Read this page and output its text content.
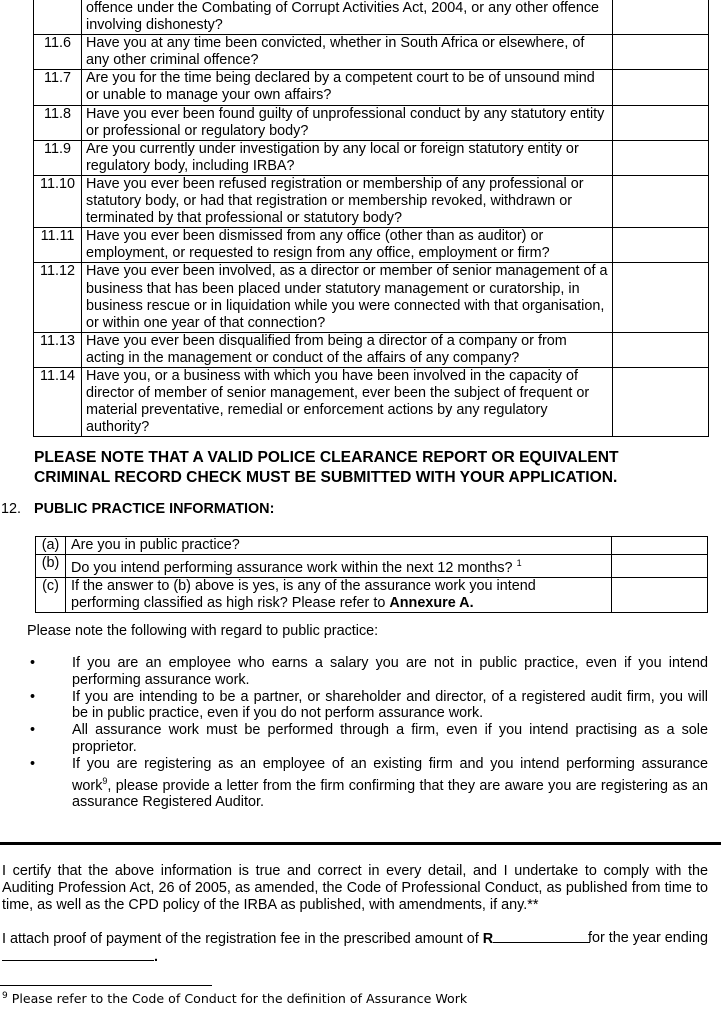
	offence under the Combating of Corrupt Activities Act, 2004, or any other offence involving dishonesty?	
11.6	Have you at any time been convicted, whether in South Africa or elsewhere, of any other criminal offence?	
11.7	Are you for the time being declared by a competent court to be of unsound mind or unable to manage your own affairs?	
11.8	Have you ever been found guilty of unprofessional conduct by any statutory entity or professional or regulatory body?	
11.9	Are you currently under investigation by any local or foreign statutory entity or regulatory body, including IRBA?	
11.10	Have you ever been refused registration or membership of any professional or statutory body, or had that registration or membership revoked, withdrawn or terminated by that professional or statutory body?	
11.11	Have you ever been dismissed from any office (other than as auditor) or employment, or requested to resign from any office, employment or firm?	
11.12	Have you ever been involved, as a director or member of senior management of a business that has been placed under statutory management or curatorship, in business rescue or in liquidation while you were connected with that organisation, or within one year of that connection?	
11.13	Have you ever been disqualified from being a director of a company or from acting in the management or conduct of the affairs of any company?	
11.14	Have you, or a business with which you have been involved in the capacity of director of member of senior management, ever been the subject of frequent or material preventative, remedial or enforcement actions by any regulatory authority?	
PLEASE NOTE THAT A VALID POLICE CLEARANCE REPORT OR EQUIVALENT
CRIMINAL RECORD CHECK MUST BE SUBMITTED WITH YOUR APPLICATION.
12. PUBLIC PRACTICE INFORMATION:
(a)	Are you in public practice?	
(b)	Do you intend performing assurance work within the next 12 months? $^1$	
(c)	If the answer to (b) above is yes, is any of the assurance work you intend performing classified as high risk? Please refer to Annexure A.	
Please note the following with regard to public practice:
•	If you are an employee who earns a salary you are not in public practice, even if you intend performing assurance work.
•	If you are intending to be a partner, or shareholder and director, of a registered audit firm, you will be in public practice, even if you do not perform assurance work.
•	All assurance work must be performed through a firm, even if you intend practising as a sole proprietor.
•	If you are registering as an employee of an existing firm and you intend performing assurance work$^9$, please provide a letter from the firm confirming that they are aware you are registering as an assurance Registered Auditor.
I certify that the above information is true and correct in every detail, and I undertake to comply with the Auditing Profession Act, 26 of 2005, as amended, the Code of Professional Conduct, as published from time to time, as well as the CPD policy of the IRBA as published, with amendments, if any.**
I attach proof of payment of the registration fee in the prescribed amount of R	for the year ending
.
$^9$ Please refer to the Code of Conduct for the definition of Assurance Work
